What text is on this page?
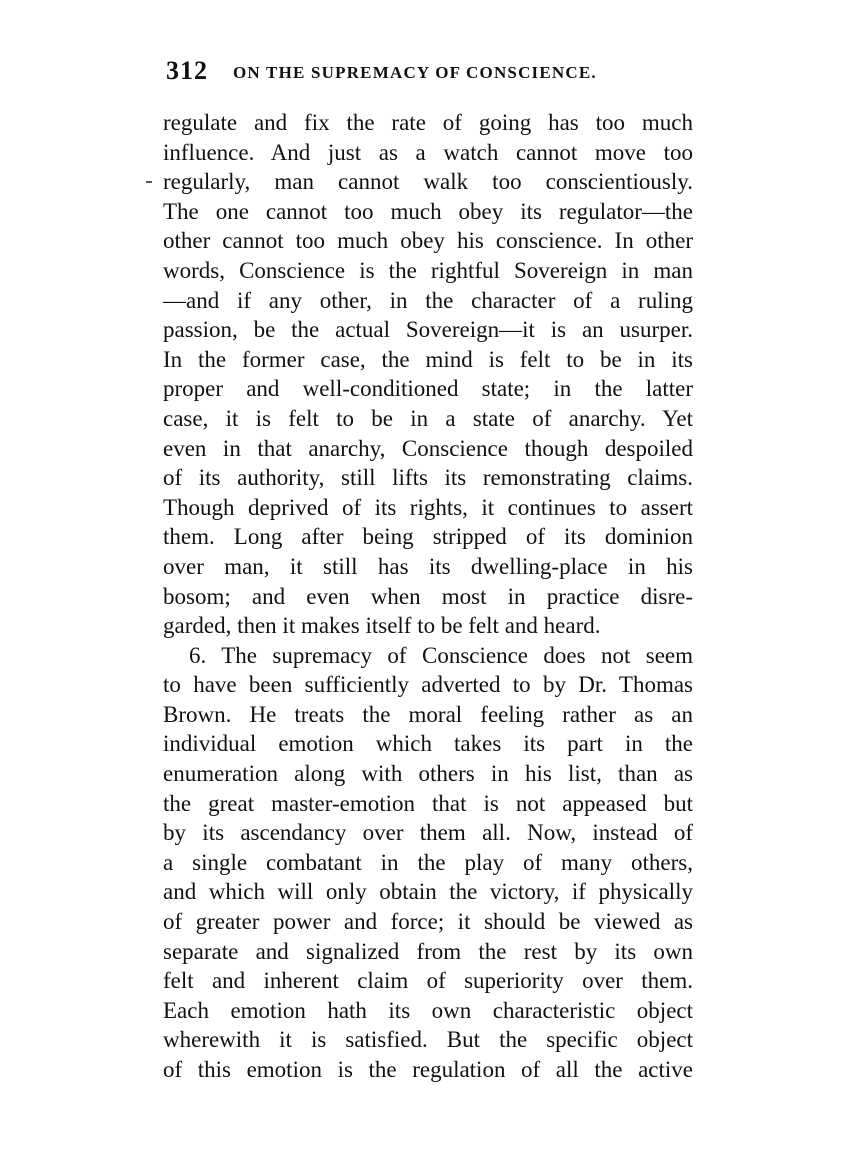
312 ON THE SUPREMACY OF CONSCIENCE.
regulate and fix the rate of going has too much
influence. And just as a watch cannot move too
regularly, man cannot walk too conscientiously.
The one cannot too much obey its regulator—the
other cannot too much obey his conscience. In other
words, Conscience is the rightful Sovereign in man
—and if any other, in the character of a ruling
passion, be the actual Sovereign—it is an usurper.
In the former case, the mind is felt to be in its
proper and well-conditioned state; in the latter
case, it is felt to be in a state of anarchy. Yet
even in that anarchy, Conscience though despoiled
of its authority, still lifts its remonstrating claims.
Though deprived of its rights, it continues to assert
them. Long after being stripped of its dominion
over man, it still has its dwelling-place in his
bosom; and even when most in practice disre-
garded, then it makes itself to be felt and heard.
6. The supremacy of Conscience does not seem
to have been sufficiently adverted to by Dr. Thomas
Brown. He treats the moral feeling rather as an
individual emotion which takes its part in the
enumeration along with others in his list, than as
the great master-emotion that is not appeased but
by its ascendancy over them all. Now, instead of
a single combatant in the play of many others,
and which will only obtain the victory, if physically
of greater power and force; it should be viewed as
separate and signalized from the rest by its own
felt and inherent claim of superiority over them.
Each emotion hath its own characteristic object
wherewith it is satisfied. But the specific object
of this emotion is the regulation of all the active
